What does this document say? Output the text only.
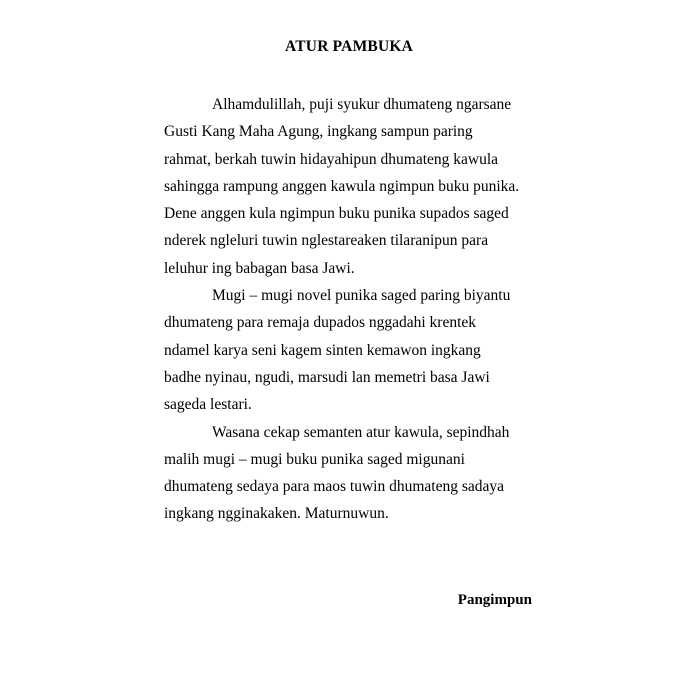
ATUR PAMBUKA
Alhamdulillah, puji syukur dhumateng ngarsane
Gusti Kang Maha Agung, ingkang sampun paring
rahmat, berkah tuwin hidayahipun dhumateng kawula
sahingga rampung anggen kawula ngimpun buku punika.
Dene anggen kula ngimpun buku punika supados saged
nderek ngleluri tuwin nglestareaken tilaranipun para
leluhur ing babagan basa Jawi.
Mugi – mugi novel punika saged paring biyantu
dhumateng para remaja dupados nggadahi krentek
ndamel karya seni kagem sinten kemawon ingkang
badhe nyinau, ngudi, marsudi lan memetri basa Jawi
sageda lestari.
Wasana cekap semanten atur kawula, sepindhah
malih mugi – mugi buku punika saged migunani
dhumateng sedaya para maos tuwin dhumateng sadaya
ingkang ngginakaken. Maturnuwun.
Pangimpun
